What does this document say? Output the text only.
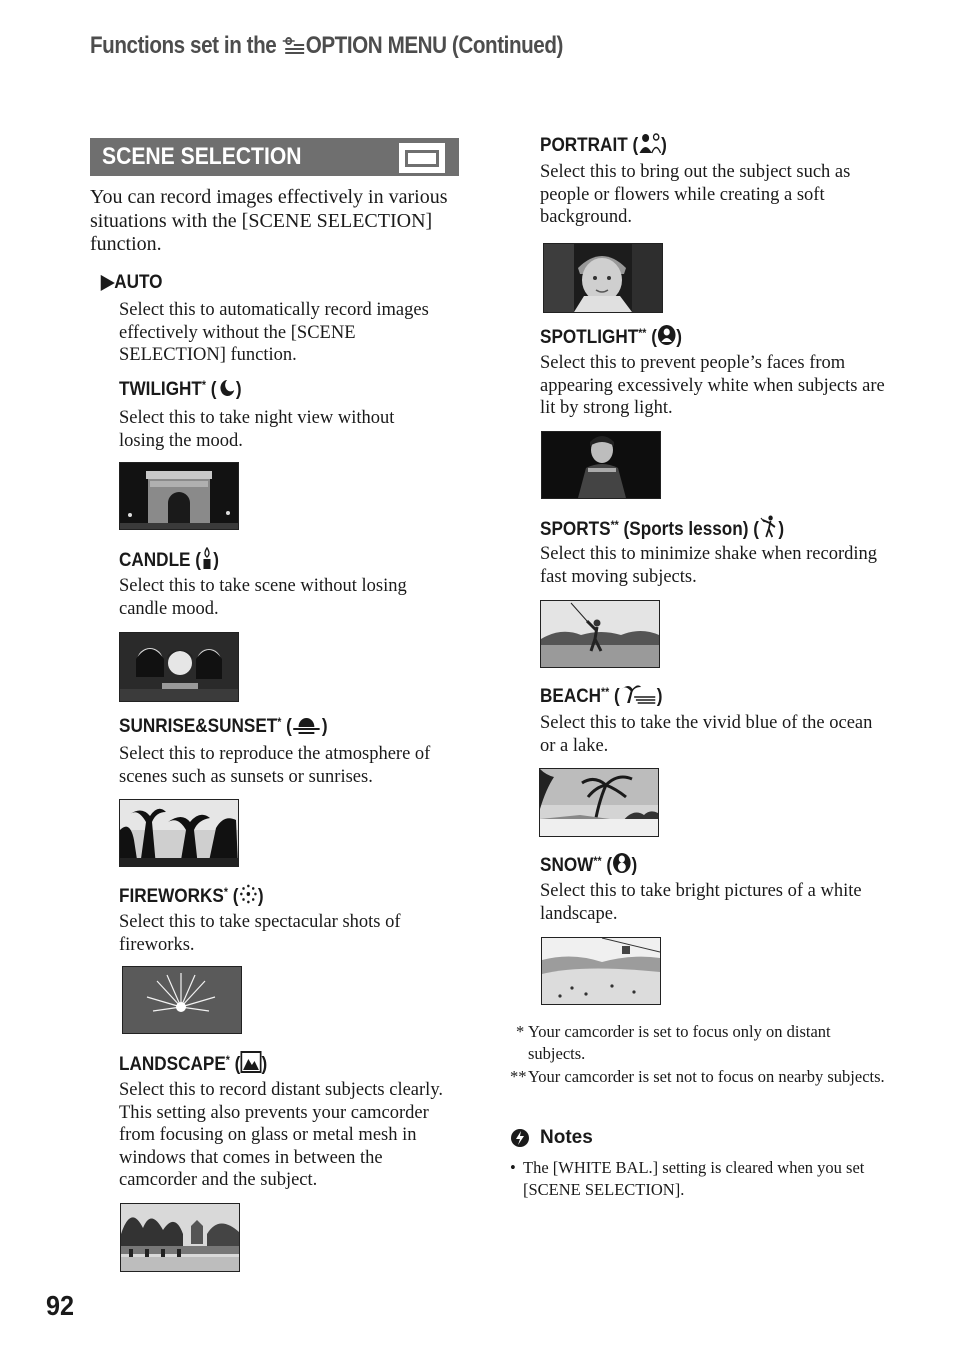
Functions set in the OPTION MENU (Continued)
SCENE SELECTION
You can record images effectively in various situations with the [SCENE SELECTION] function.
▶AUTO
Select this to automatically record images effectively without the [SCENE SELECTION] function.
TWILIGHT* ( )
Select this to take night view without losing the mood.
CANDLE ( )
Select this to take scene without losing candle mood.
SUNRISE&SUNSET* ( )
Select this to reproduce the atmosphere of scenes such as sunsets or sunrises.
FIREWORKS* ( )
Select this to take spectacular shots of fireworks.
LANDSCAPE* ( )
Select this to record distant subjects clearly. This setting also prevents your camcorder from focusing on glass or metal mesh in windows that comes in between the camcorder and the subject.
PORTRAIT ( )
Select this to bring out the subject such as people or flowers while creating a soft background.
SPOTLIGHT** ( )
Select this to prevent people’s faces from appearing excessively white when subjects are lit by strong light.
SPORTS** (Sports lesson) ( )
Select this to minimize shake when recording fast moving subjects.
BEACH** ( )
Select this to take the vivid blue of the ocean or a lake.
SNOW** ( )
Select this to take bright pictures of a white landscape.
* Your camcorder is set to focus only on distant subjects.
** Your camcorder is set not to focus on nearby subjects.
Notes
• The [WHITE BAL.] setting is cleared when you set [SCENE SELECTION].
92
